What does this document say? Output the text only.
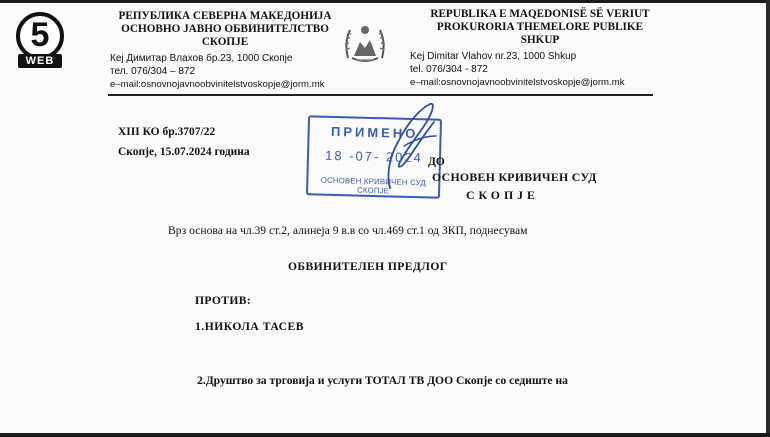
5
WEB

РЕПУБЛИКА СЕВЕРНА МАКЕДОНИЈА

ОСНОВНО ЈАВНО ОБВИНИТЕЛСТВО

СКОПЈЕ

Кеј Димитар Влахов бр.23, 1000 Скопје

тел. 076/304 – 872

e–mail:osnovnojavnoobvinitelstvoskopje@jorm.mk

REPUBLIKA E MAQEDONISË SË VERIUT

PROKURORIA THEMELORE PUBLIKE

SHKUP

Kej Dimitar Vlahov nr.23, 1000 Shkup

tel. 076/304 - 872

e–mail:osnovnojavnoobvinitelstvoskopje@jorm.mk

XIII КО бр.3707/22

Скопје, 15.07.2024 година

ПРИМЕНО
18 -07- 2024
ОСНОВЕН КРИВИЧЕН СУД СКОПЈЕ
ДО
ОСНОВЕН КРИВИЧЕН СУД
СКОПЈЕ
Врз основа на чл.39 ст.2, алинеја 9 в.в со чл.469 ст.1 од ЗКП, поднесувам
ОБВИНИТЕЛЕН ПРЕДЛОГ
ПРОТИВ:
1.НИКОЛА ТАСЕВ
2.Друштво за трговија и услуги ТОТАЛ ТВ ДОО Скопје со седиште на
